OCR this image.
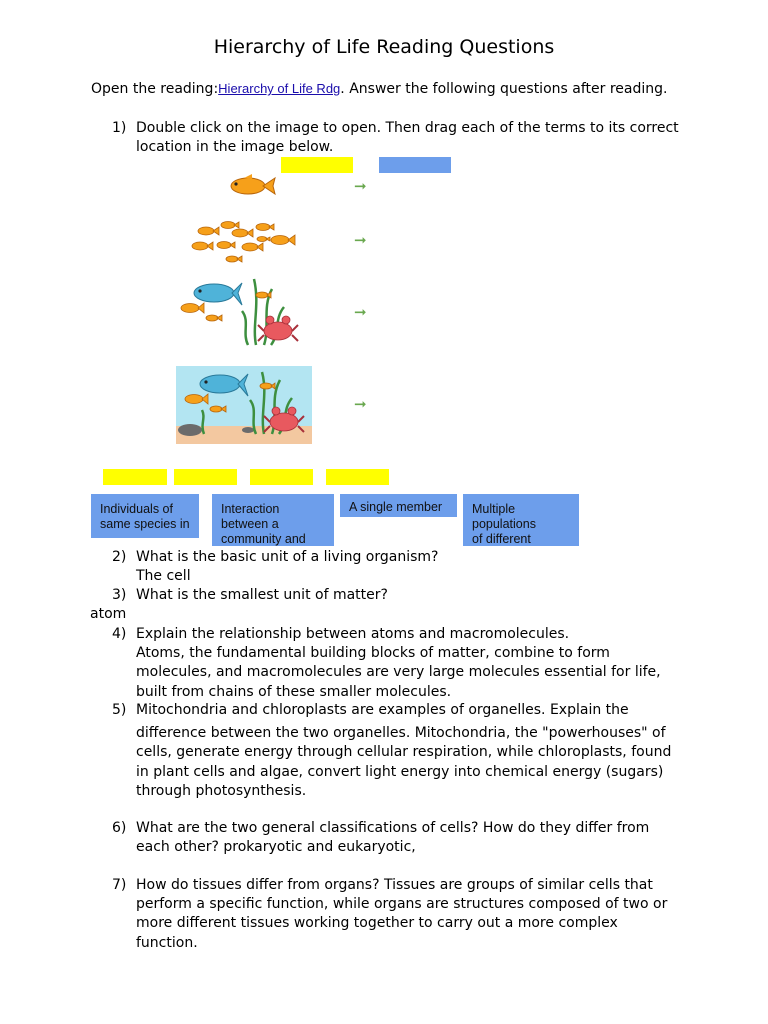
Hierarchy of Life Reading Questions
Open the reading:Hierarchy of Life Rdg. Answer the following questions after reading.
1) Double click on the image to open. Then drag each of the terms to its correct
location in the image below.
➞
➞
➞
➞
Individuals of
same species in
Interaction
between a
community and
A single member	Multiple
populations
of different
2) What is the basic unit of a living organism?
The cell
3) What is the smallest unit of matter?
atom
4) Explain the relationship between atoms and macromolecules.
Atoms, the fundamental building blocks of matter, combine to form
molecules, and macromolecules are very large molecules essential for life,
built from chains of these smaller molecules.
5) Mitochondria and chloroplasts are examples of organelles. Explain the
difference between the two organelles. Mitochondria, the "powerhouses" of
cells, generate energy through cellular respiration, while chloroplasts, found
in plant cells and algae, convert light energy into chemical energy (sugars)
through photosynthesis.
6) What are the two general classifications of cells? How do they differ from
each other? prokaryotic and eukaryotic,
7) How do tissues differ from organs? Tissues are groups of similar cells that
perform a specific function, while organs are structures composed of two or
more different tissues working together to carry out a more complex
function.
